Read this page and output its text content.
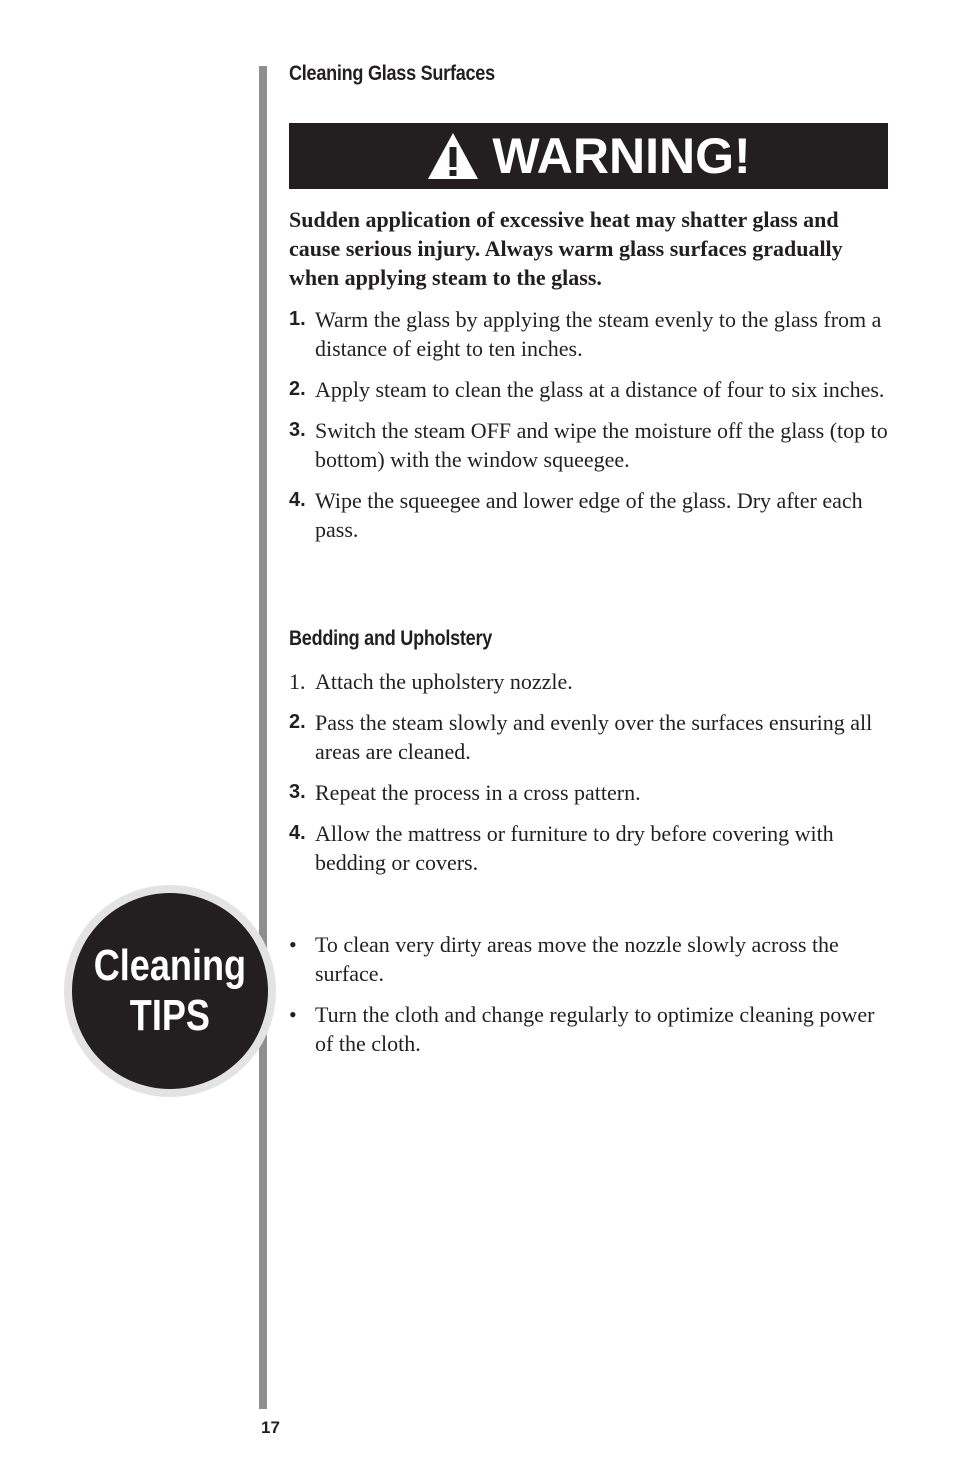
Cleaning Glass Surfaces
WARNING!

Sudden application of excessive heat may shatter glass and cause serious injury. Always warm glass surfaces gradually when applying steam to the glass.

1. Warm the glass by applying the steam evenly to the glass from a distance of eight to ten inches.
2. Apply steam to clean the glass at a distance of four to six inches.
3. Switch the steam OFF and wipe the moisture off the glass (top to bottom) with the window squeegee.
4. Wipe the squeegee and lower edge of the glass. Dry after each pass.
Bedding and Upholstery
1. Attach the upholstery nozzle.
2. Pass the steam slowly and evenly over the surfaces ensuring all areas are cleaned.
3. Repeat the process in a cross pattern.
4. Allow the mattress or furniture to dry before covering with bedding or covers.
• To clean very dirty areas move the nozzle slowly across the surface.
• Turn the cloth and change regularly to optimize cleaning power of the cloth.
Cleaning
TIPS
17
